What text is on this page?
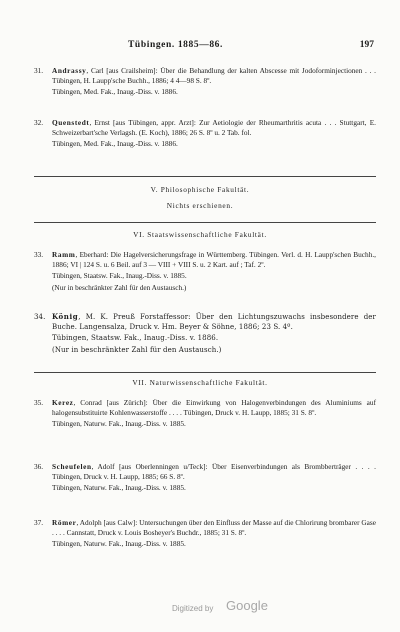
Tübingen. 1885—86.	197
31. Andrassy, Carl [aus Crailsheim]: Über die Behandlung der kalten Abscesse mit Jodoforminjectionen . . . Tübingen, H. Laupp'sche Buchh., 1886; 4 4—98 S. 8º.
Tübingen, Med. Fak., Inaug.-Diss. v. 1886.
32. Quenstedt, Ernst [aus Tübingen, appr. Arzt]: Zur Aetiologie der Rheumarthritis acuta . . . Stuttgart, E. Schweizerbart'sche Verlagsh. (E. Koch), 1886; 26 S. 8º u. 2 Tab. fol.
Tübingen, Med. Fak., Inaug.-Diss. v. 1886.
V. Philosophische Fakultät.
Nichts erschienen.
VI. Staatswissenschaftliche Fakultät.
33. Ramm, Eberhard: Die Hagelversicherungsfrage in Württemberg. Tübingen. Verl. d. H. Laupp'schen Buchh., 1886; VI | 124 S. u. 6 Beil. auf 3 — VIII + VIII S. u. 2 Kart. auf ; Taf. 2º.
Tübingen, Staatsw. Fak., Inaug.-Diss. v. 1885.
(Nur in beschränkter Zahl für den Austausch.)
34. König, M. K. Preuß Forstaffessor: Über den Lichtungszuwachs insbesondere der Buche. Langensalza, Druck v. Hm. Beyer & Söhne, 1886; 23 S. 4º.
Tübingen, Staatsw. Fak., Inaug.-Diss. v. 1886.
(Nur in beschränkter Zahl für den Austausch.)
VII. Naturwissenschaftliche Fakultät.
35. Kerez, Conrad [aus Zürich]: Über die Einwirkung von Halogenverbindungen des Aluminiums auf halogensubstituirte Kohlenwasserstoffe . . . . Tübingen, Druck v. H. Laupp, 1885; 31 S. 8º.
Tübingen, Naturw. Fak., Inaug.-Diss. v. 1885.
36. Scheufelen, Adolf [aus Oberlenningen u/Teck]: Über Eisenverbindungen als Brombberträger . . . . Tübingen, Druck v. H. Laupp, 1885; 66 S. 8º.
Tübingen, Naturw. Fak., Inaug.-Diss. v. 1885.
37. Römer, Adolph [aus Calw]: Untersuchungen über den Einfluss der Masse auf die Chlorirung brombarer Gase . . . . Cannstatt, Druck v. Louis Bosheyer's Buchdr., 1885; 31 S. 8º.
Tübingen, Naturw. Fak., Inaug.-Diss. v. 1885.
Digitized by Google
